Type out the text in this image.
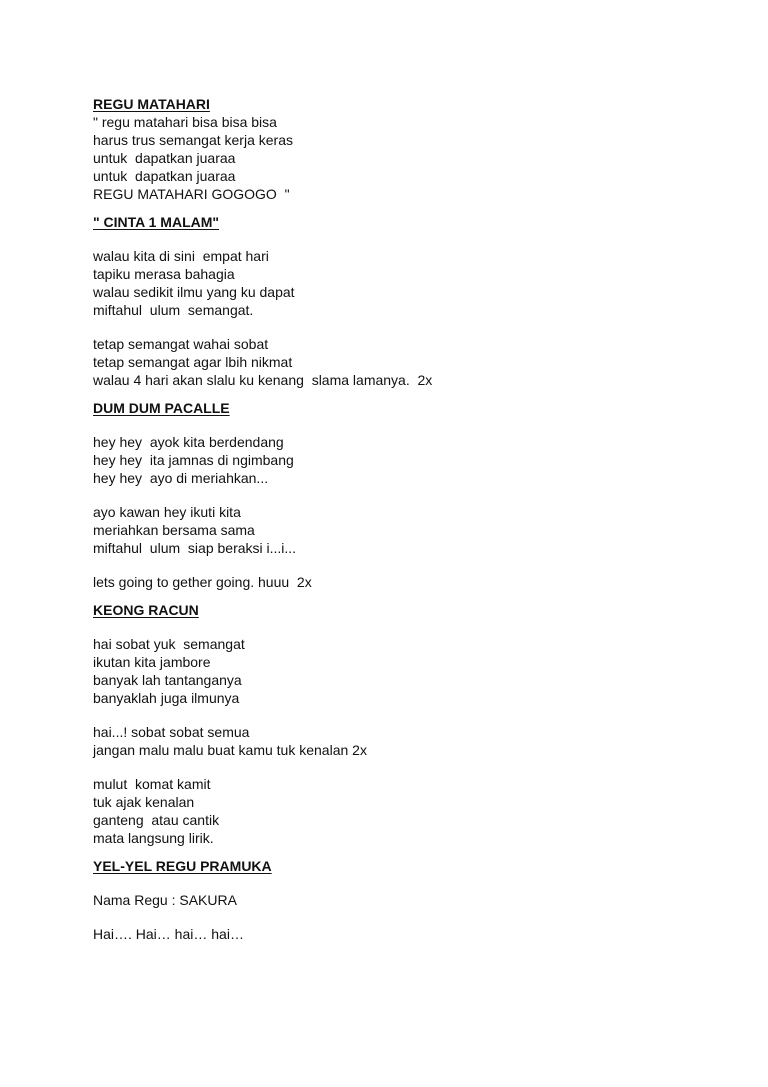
REGU MATAHARI

" regu matahari bisa bisa bisa

harus trus semangat kerja keras

untuk  dapatkan juaraa

untuk  dapatkan juaraa

REGU MATAHARI GOGOGO  "

" CINTA 1 MALAM"

walau kita di sini  empat hari

tapiku merasa bahagia

walau sedikit ilmu yang ku dapat

miftahul  ulum  semangat.

tetap semangat wahai sobat

tetap semangat agar lbih nikmat

walau 4 hari akan slalu ku kenang  slama lamanya.  2x

DUM DUM PACALLE

hey hey  ayok kita berdendang

hey hey  ita jamnas di ngimbang

hey hey  ayo di meriahkan...

ayo kawan hey ikuti kita

meriahkan bersama sama

miftahul  ulum  siap beraksi i...i...

lets going to gether going. huuu  2x

KEONG RACUN

hai sobat yuk  semangat

ikutan kita jambore

banyak lah tantanganya

banyaklah juga ilmunya

hai...! sobat sobat semua

jangan malu malu buat kamu tuk kenalan 2x

mulut  komat kamit

tuk ajak kenalan

ganteng  atau cantik

mata langsung lirik.

YEL-YEL REGU PRAMUKA

Nama Regu : SAKURA

Hai…. Hai… hai… hai…
